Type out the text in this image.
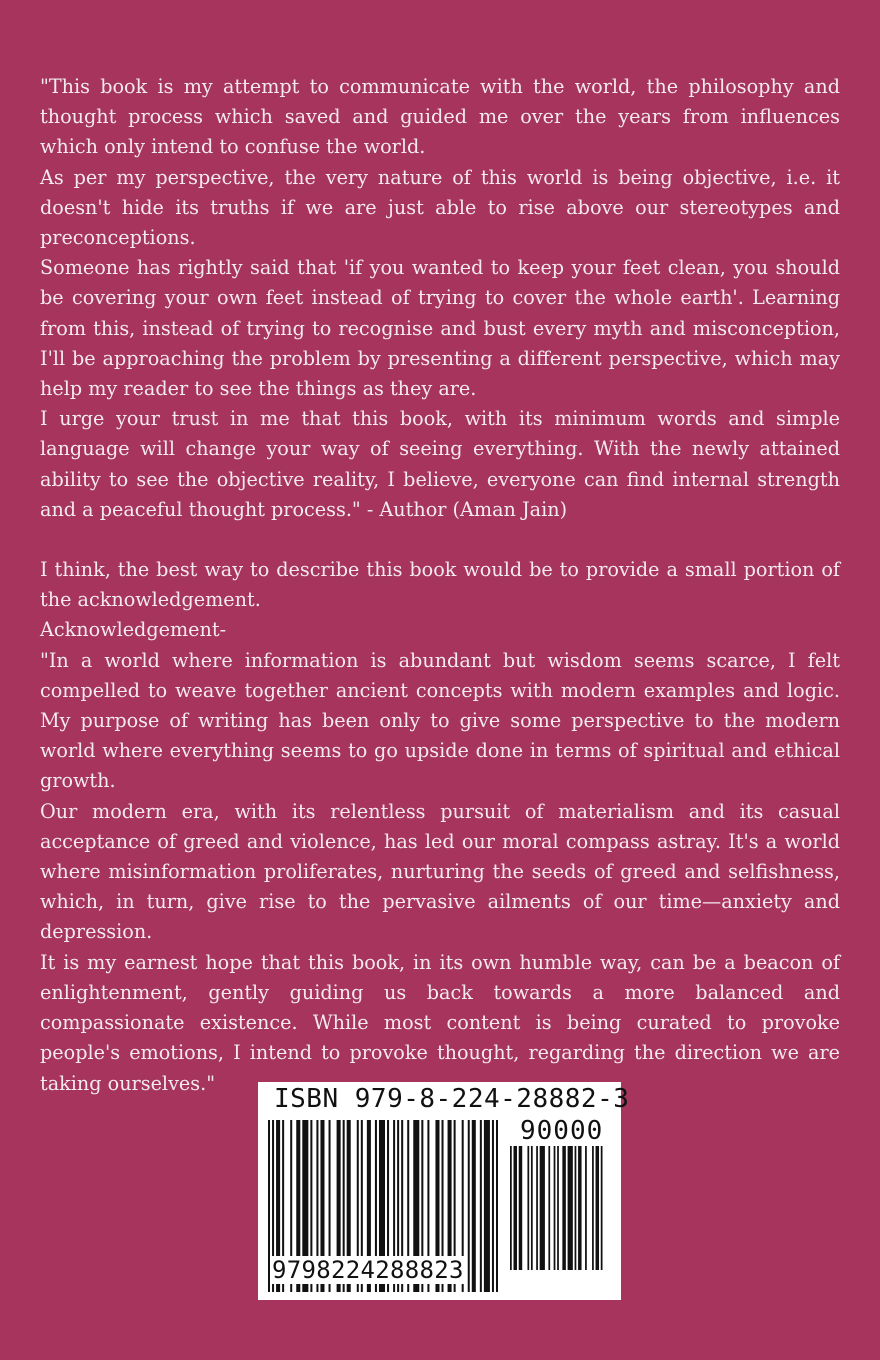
"This book is my attempt to communicate with the world, the philosophy and thought process which saved and guided me over the years from influences which only intend to confuse the world.

As per my perspective, the very nature of this world is being objective, i.e. it doesn't hide its truths if we are just able to rise above our stereotypes and preconceptions.

Someone has rightly said that 'if you wanted to keep your feet clean, you should be covering your own feet instead of trying to cover the whole earth'. Learning from this, instead of trying to recognise and bust every myth and misconception, I'll be approaching the problem by presenting a different perspective, which may help my reader to see the things as they are.

I urge your trust in me that this book, with its minimum words and simple language will change your way of seeing everything. With the newly attained ability to see the objective reality, I believe, everyone can find internal strength and a peaceful thought process." - Author (Aman Jain)

I think, the best way to describe this book would be to provide a small portion of the acknowledgement.

Acknowledgement-

"In a world where information is abundant but wisdom seems scarce, I felt compelled to weave together ancient concepts with modern examples and logic. My purpose of writing has been only to give some perspective to the modern world where everything seems to go upside done in terms of spiritual and ethical growth.

Our modern era, with its relentless pursuit of materialism and its casual acceptance of greed and violence, has led our moral compass astray. It's a world where misinformation proliferates, nurturing the seeds of greed and selfishness, which, in turn, give rise to the pervasive ailments of our time—anxiety and depression.

It is my earnest hope that this book, in its own humble way, can be a beacon of enlightenment, gently guiding us back towards a more balanced and compassionate existence. While most content is being curated to provoke people's emotions, I intend to provoke thought, regarding the direction we are taking ourselves."

ISBN 979-8-224-28882-3
90000
9798224288823
